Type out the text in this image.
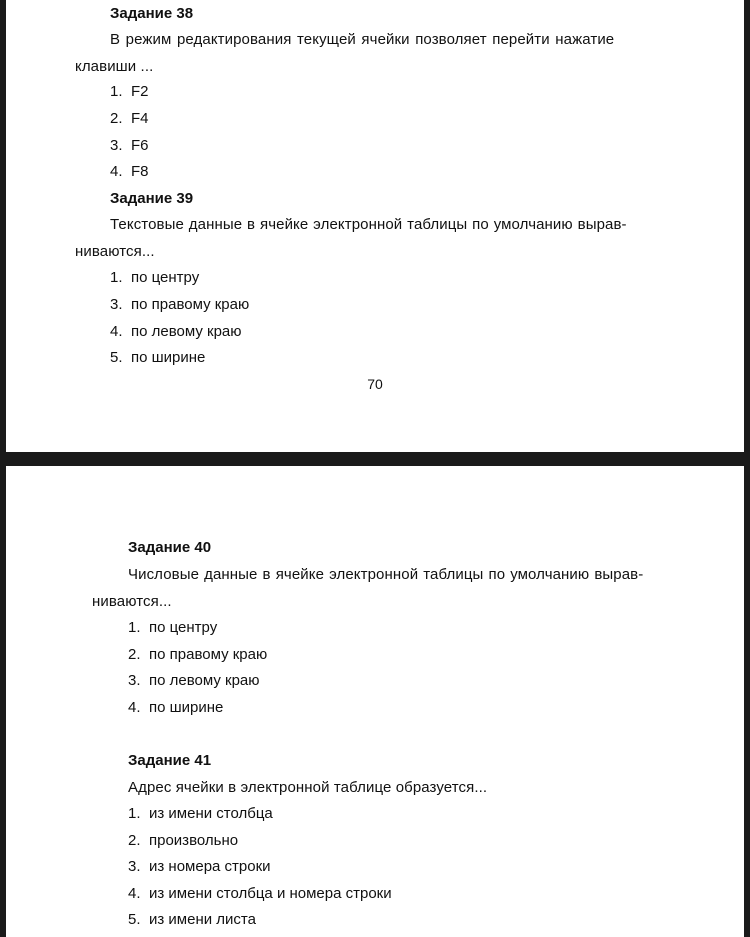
Задание 38
В режим редактирования текущей ячейки позволяет перейти нажатие
клавиши ...
1. F2
2. F4
3. F6
4. F8
Задание 39
Текстовые данные в ячейке электронной таблицы по умолчанию вырав-
ниваются...
1. по центру
3. по правому краю
4. по левому краю
5. по ширине
70
Задание 40
Числовые данные в ячейке электронной таблицы по умолчанию вырав-
ниваются...
1. по центру
2. по правому краю
3. по левому краю
4. по ширине
Задание 41
Адрес ячейки в электронной таблице образуется...
1. из имени столбца
2. произвольно
3. из номера строки
4. из имени столбца и номера строки
5. из имени листа
